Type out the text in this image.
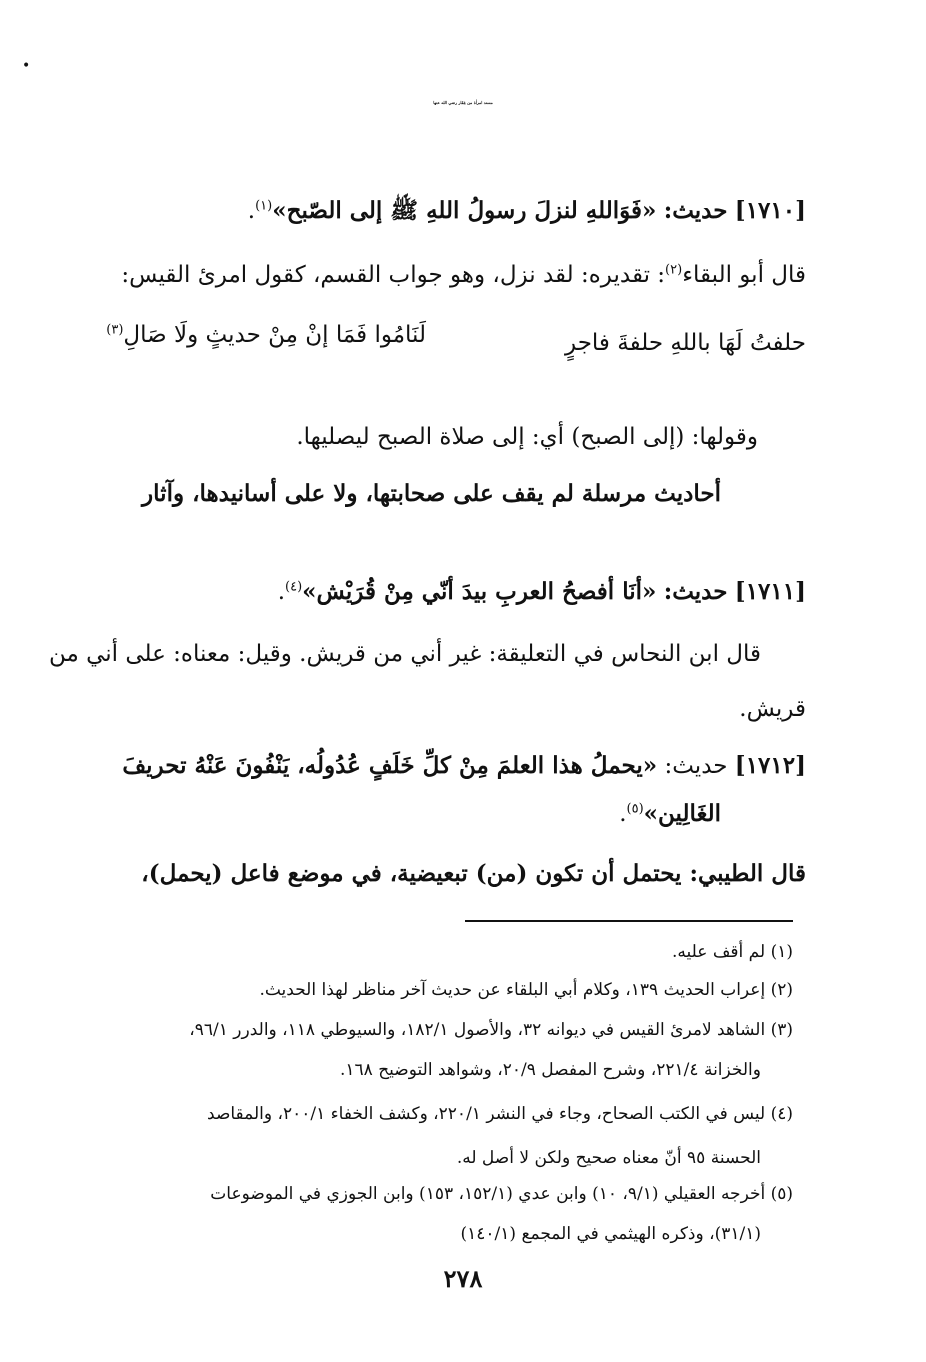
•
مسند امرأة من غِفَار رضي الله عنها
[١٧١٠] حديث: «فَوَاللهِ لنزلَ رسولُ اللهِ ﷺ إلى الصّبح»$^{(١)}$.
قال أبو البقاء$^{(٢)}$: تقديره: لقد نزل، وهو جواب القسم، كقول امرئ القيس:
حلفتُ لَهَا باللهِ حلفةَ فاجرٍ
لَنَامُوا فَمَا إنْ مِنْ حديثٍ ولَا صَالِ$^{(٣)}$
وقولها: (إلى الصبح) أي: إلى صلاة الصبح ليصليها.
أحاديث مرسلة لم يقف على صحابتها، ولا على أسانيدها، وآثار
[١٧١١] حديث: «أنَا أفصحُ العربِ بيدَ أنّي مِنْ قُرَيْش»$^{(٤)}$.
قال ابن النحاس في التعليقة: غير أني من قريش. وقيل: معناه: على أني من
قريش.
[١٧١٢] حديث: «يحملُ هذا العلمَ مِنْ كلِّ خَلَفٍ عُدُولُه، يَنْفُونَ عَنْهُ تحريفَ
الغَالِين»$^{(٥)}$.
قال الطيبي: يحتمل أن تكون (من) تبعيضية، في موضع فاعل (يحمل)،
(١) لم أقف عليه.
(٢) إعراب الحديث ١٣٩، وكلام أبي البلقاء عن حديث آخر مناظر لهذا الحديث.
(٣) الشاهد لامرئ القيس في ديوانه ٣٢، والأصول ١٨٢/١، والسيوطي ١١٨، والدرر ٩٦/١،
والخزانة ٢٢١/٤، وشرح المفصل ٢٠/٩، وشواهد التوضيح ١٦٨.
(٤) ليس في الكتب الصحاح، وجاء في النشر ٢٢٠/١، وكشف الخفاء ٢٠٠/١، والمقاصد
الحسنة ٩٥ أنّ معناه صحيح ولكن لا أصل له.
(٥) أخرجه العقيلي (٩/١، ١٠) وابن عدي (١٥٢/١، ١٥٣) وابن الجوزي في الموضوعات
(٣١/١)، وذكره الهيثمي في المجمع (١٤٠/١)
٢٧٨
